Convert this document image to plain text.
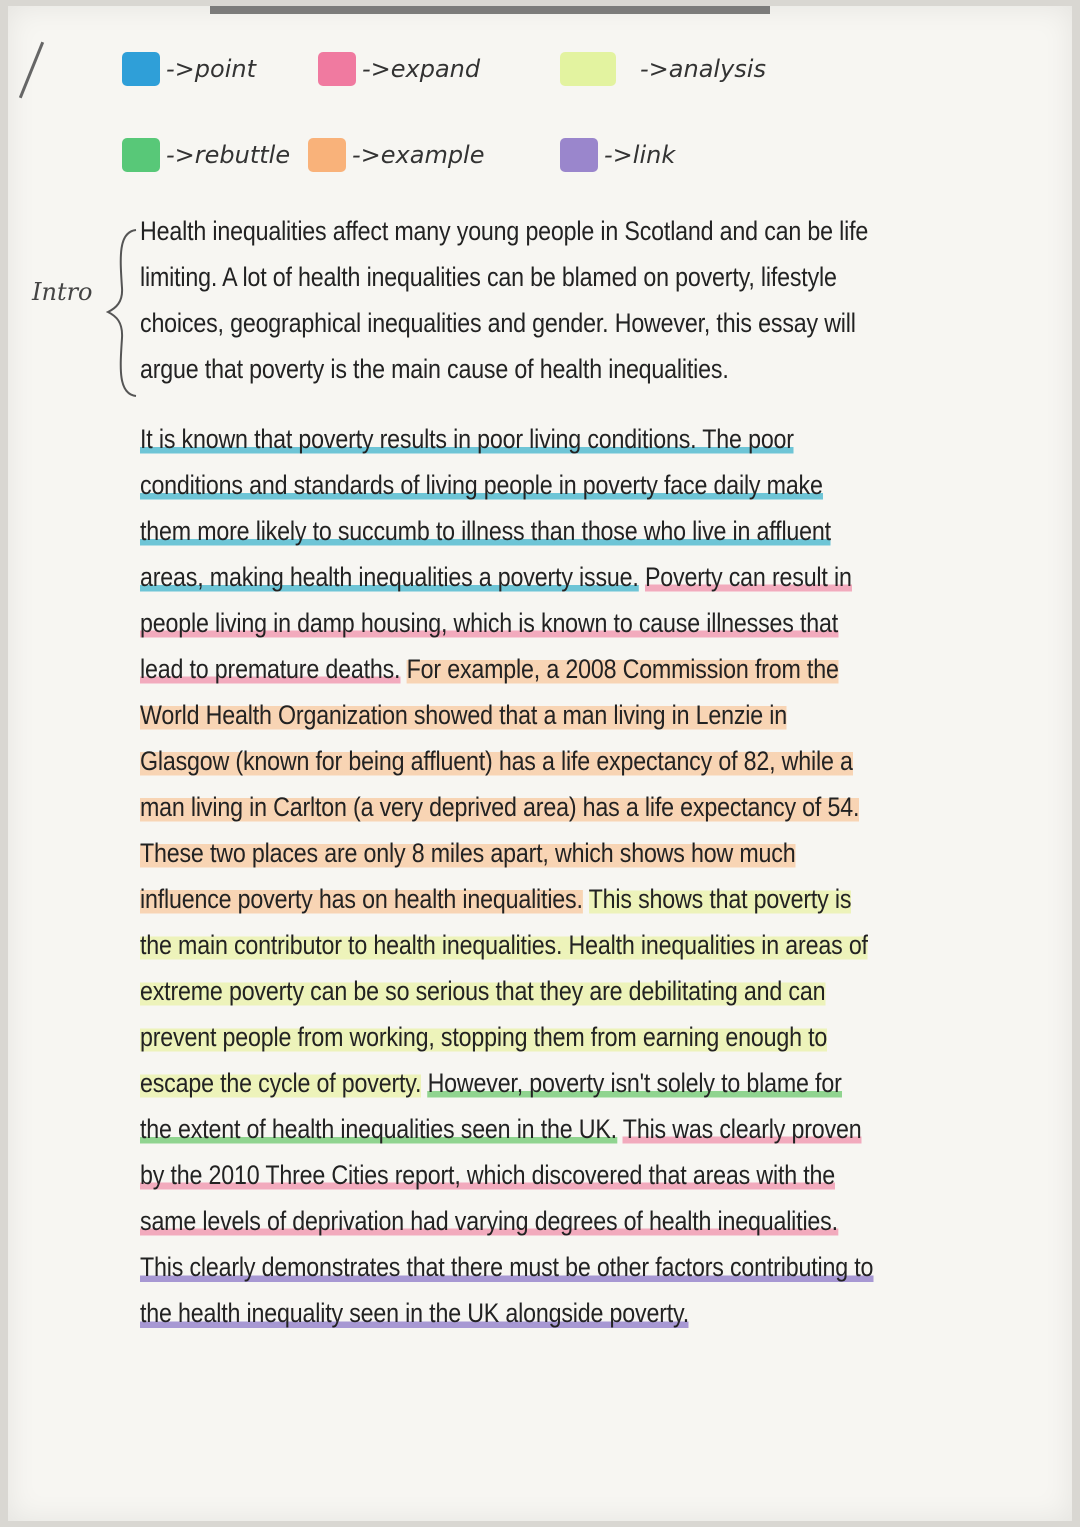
->point	->expand	->analysis
->rebuttle	->example	->link
Intro

Health inequalities affect many young people in Scotland and can be life limiting. A lot of health inequalities can be blamed on poverty, lifestyle choices, geographical inequalities and gender. However, this essay will argue that poverty is the main cause of health inequalities.

It is known that poverty results in poor living conditions. The poor conditions and standards of living people in poverty face daily make them more likely to succumb to illness than those who live in affluent areas, making health inequalities a poverty issue. Poverty can result in people living in damp housing, which is known to cause illnesses that lead to premature deaths. For example, a 2008 Commission from the World Health Organization showed that a man living in Lenzie in Glasgow (known for being affluent) has a life expectancy of 82, while a man living in Carlton (a very deprived area) has a life expectancy of 54. These two places are only 8 miles apart, which shows how much influence poverty has on health inequalities. This shows that poverty is the main contributor to health inequalities. Health inequalities in areas of extreme poverty can be so serious that they are debilitating and can prevent people from working, stopping them from earning enough to escape the cycle of poverty. However, poverty isn't solely to blame for the extent of health inequalities seen in the UK. This was clearly proven by the 2010 Three Cities report, which discovered that areas with the same levels of deprivation had varying degrees of health inequalities. This clearly demonstrates that there must be other factors contributing to the health inequality seen in the UK alongside poverty.
